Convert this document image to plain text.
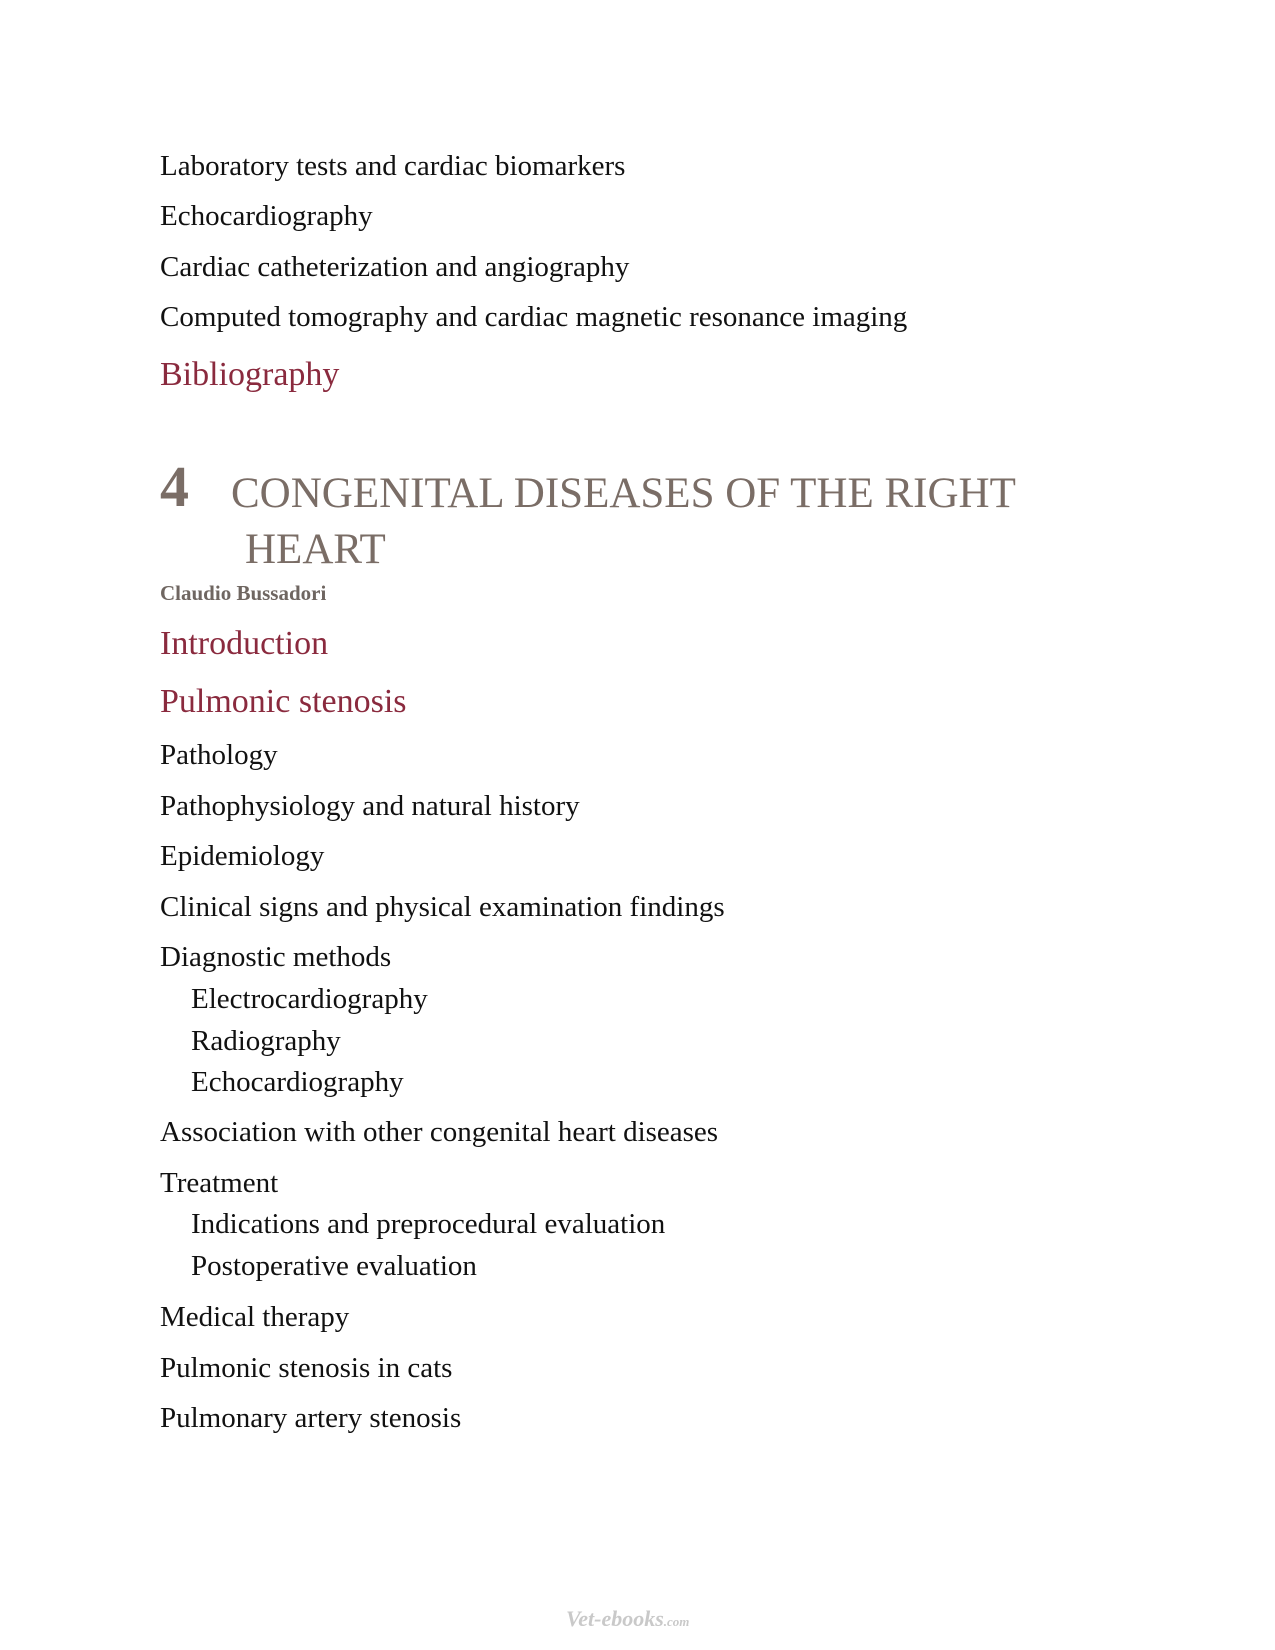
Laboratory tests and cardiac biomarkers
Echocardiography
Cardiac catheterization and angiography
Computed tomography and cardiac magnetic resonance imaging
Bibliography
4 CONGENITAL DISEASES OF THE RIGHT
HEART
Claudio Bussadori
Introduction
Pulmonic stenosis
Pathology
Pathophysiology and natural history
Epidemiology
Clinical signs and physical examination findings
Diagnostic methods
Electrocardiography
Radiography
Echocardiography
Association with other congenital heart diseases
Treatment
Indications and preprocedural evaluation
Postoperative evaluation
Medical therapy
Pulmonic stenosis in cats
Pulmonary artery stenosis
Vet-ebooks.com
